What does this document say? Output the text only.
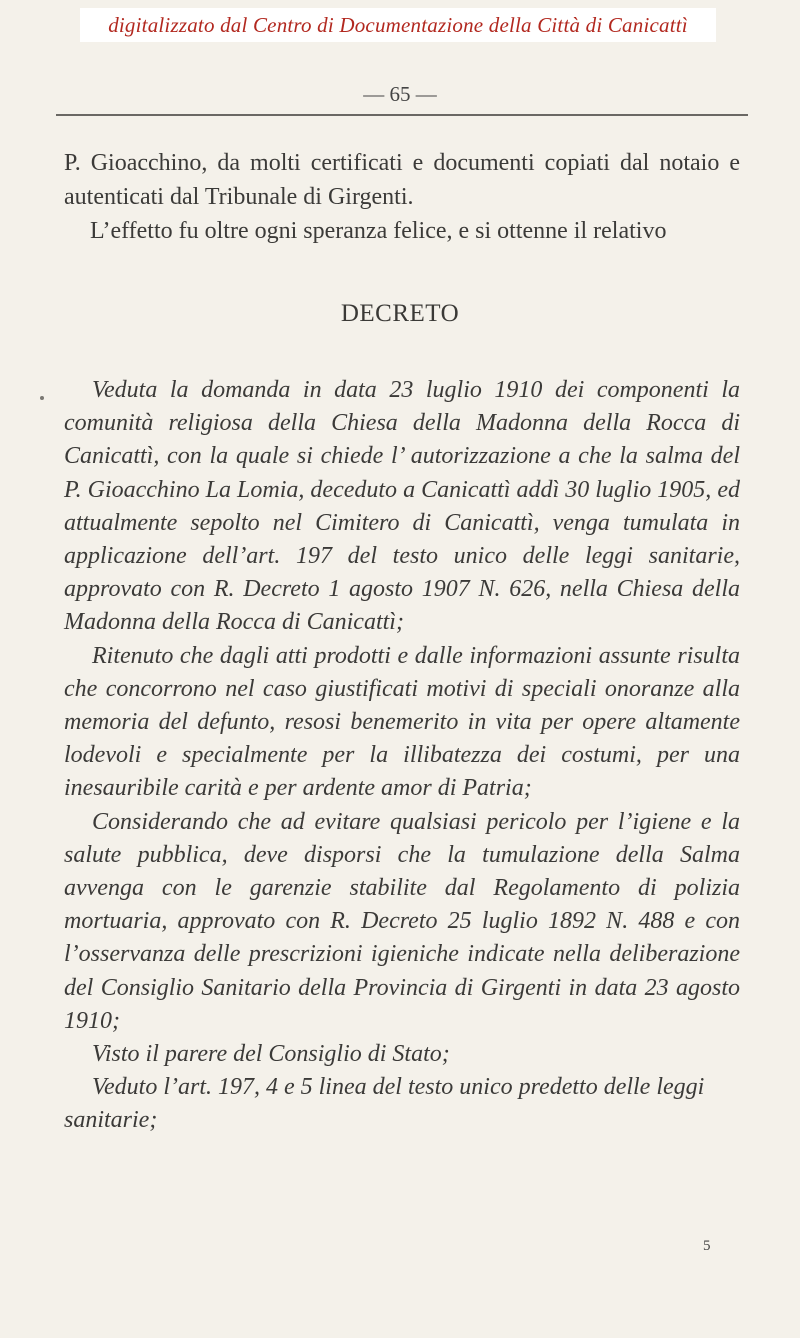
digitalizzato dal Centro di Documentazione della Città di Canicattì
— 65 —

P. Gioacchino, da molti certificati e documenti copiati dal notaio e autenticati dal Tribunale di Girgenti.

L’effetto fu oltre ogni speranza felice, e si ottenne il relativo

DECRETO

Veduta la domanda in data 23 luglio 1910 dei componenti la comunità religiosa della Chiesa della Madonna della Rocca di Canicattì, con la quale si chiede l’ autorizzazione a che la salma del P. Gioacchino La Lomia, deceduto a Canicattì addì 30 luglio 1905, ed attualmente sepolto nel Cimitero di Canicattì, venga tumulata in applicazione dell’art. 197 del testo unico delle leggi sanitarie, approvato con R. Decreto 1 agosto 1907 N. 626, nella Chiesa della Madonna della Rocca di Canicattì;

Ritenuto che dagli atti prodotti e dalle informazioni assunte risulta che concorrono nel caso giustificati motivi di speciali onoranze alla memoria del defunto, resosi benemerito in vita per opere altamente lodevoli e specialmente per la illibatezza dei costumi, per una inesauribile carità e per ardente amor di Patria;

Considerando che ad evitare qualsiasi pericolo per l’igiene e la salute pubblica, deve disporsi che la tumulazione della Salma avvenga con le garenzie stabilite dal Regolamento di polizia mortuaria, approvato con R. Decreto 25 luglio 1892 N. 488 e con l’osservanza delle prescrizioni igieniche indicate nella deliberazione del Consiglio Sanitario della Provincia di Girgenti in data 23 agosto 1910;

Visto il parere del Consiglio di Stato;

Veduto l’art. 197, 4 e 5 linea del testo unico predetto delle leggi sanitarie;

5
